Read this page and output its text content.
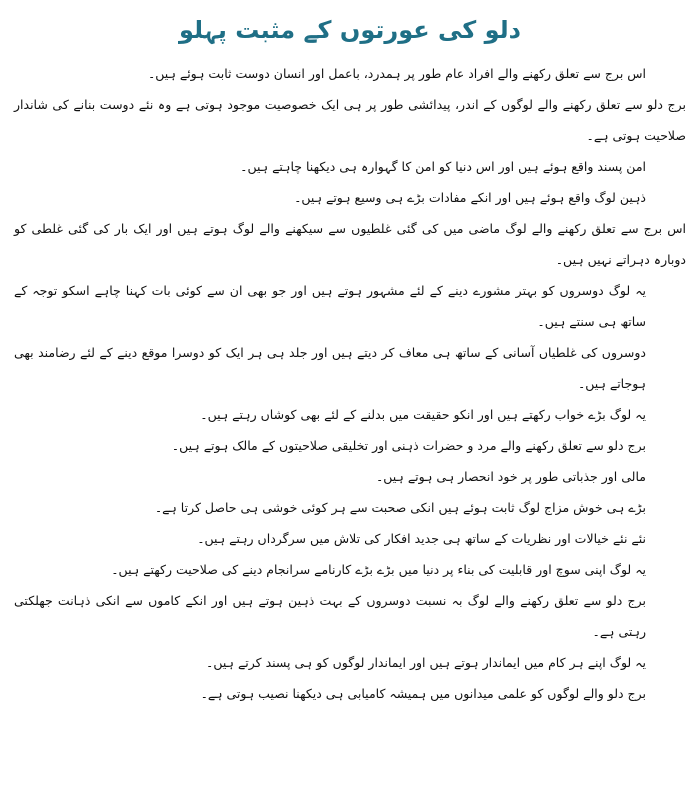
دلو کی عورتوں کے مثبت پہلو

اس برج سے تعلق رکھنے والے افراد عام طور پر ہمدرد، باعمل اور انسان دوست ثابت ہوئے ہیں۔

برج دلو سے تعلق رکھنے والے لوگوں کے اندر، پیدائشی طور پر ہی ایک خصوصیت موجود ہوتی ہے وہ نئے دوست بنانے کی شاندار صلاحیت ہوتی ہے۔

امن پسند واقع ہوئے ہیں اور اس دنیا کو امن کا گہوارہ ہی دیکھنا چاہتے ہیں۔

ذہین لوگ واقع ہوئے ہیں اور انکے مفادات بڑے ہی وسیع ہوتے ہیں۔

اس برج سے تعلق رکھنے والے لوگ ماضی میں کی گئی غلطیوں سے سیکھنے والے لوگ ہوتے ہیں اور ایک بار کی گئی غلطی کو دوبارہ دہراتے نہیں ہیں۔

یہ لوگ دوسروں کو بہتر مشورے دینے کے لئے مشہور ہوتے ہیں اور جو بھی ان سے کوئی بات کہنا چاہے اسکو توجہ کے ساتھ ہی سنتے ہیں۔

دوسروں کی غلطیاں آسانی کے ساتھ ہی معاف کر دیتے ہیں اور جلد ہی ہر ایک کو دوسرا موقع دینے کے لئے رضامند بھی ہوجاتے ہیں۔

یہ لوگ بڑے خواب رکھتے ہیں اور انکو حقیقت میں بدلنے کے لئے بھی کوشاں رہتے ہیں۔

برج دلو سے تعلق رکھنے والے مرد و حضرات ذہنی اور تخلیقی صلاحیتوں کے مالک ہوتے ہیں۔

مالی اور جذباتی طور پر خود انحصار ہی ہوتے ہیں۔

بڑے ہی خوش مزاج لوگ ثابت ہوئے ہیں انکی صحبت سے ہر کوئی خوشی ہی حاصل کرتا ہے۔

نئے نئے خیالات اور نظریات کے ساتھ ہی جدید افکار کی تلاش میں سرگرداں رہتے ہیں۔

یہ لوگ اپنی سوچ اور قابلیت کی بناء پر دنیا میں بڑے بڑے کارنامے سرانجام دینے کی صلاحیت رکھتے ہیں۔

برج دلو سے تعلق رکھنے والے لوگ بہ نسبت دوسروں کے بہت ذہین ہوتے ہیں اور انکے کاموں سے انکی ذہانت جھلکتی رہتی ہے۔

یہ لوگ اپنے ہر کام میں ایماندار ہوتے ہیں اور ایماندار لوگوں کو ہی پسند کرتے ہیں۔

برج دلو والے لوگوں کو علمی میدانوں میں ہمیشہ کامیابی ہی دیکھنا نصیب ہوتی ہے۔
